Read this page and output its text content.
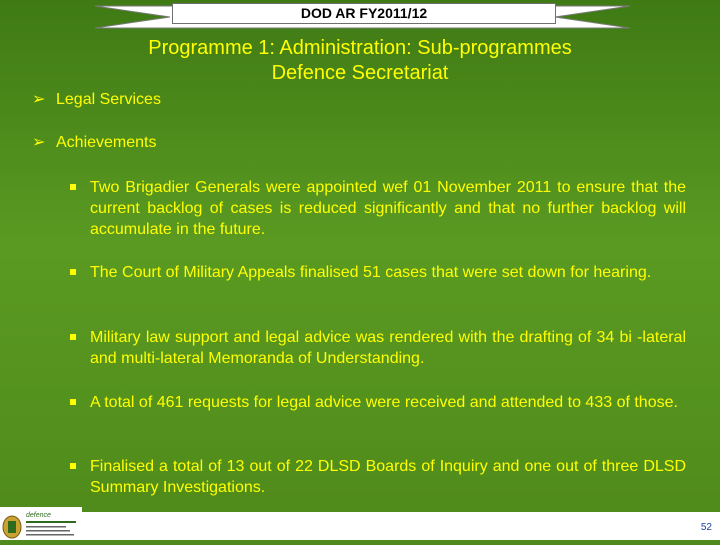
DOD AR FY2011/12
Programme 1: Administration: Sub-programmes
Defence Secretariat
➢ Legal Services
➢ Achievements
Two Brigadier Generals were appointed wef 01 November 2011 to ensure that the current backlog of cases is reduced significantly and that no further backlog will accumulate in the future.
The Court of Military Appeals finalised 51 cases that were set down for hearing.
Military law support and legal advice was rendered with the drafting of 34 bi -lateral and multi-lateral Memoranda of Understanding.
A total of 461 requests for legal advice were received and attended to 433 of those.
Finalised a total of 13 out of 22 DLSD Boards of Inquiry and one out of three DLSD Summary Investigations.
defence
52
